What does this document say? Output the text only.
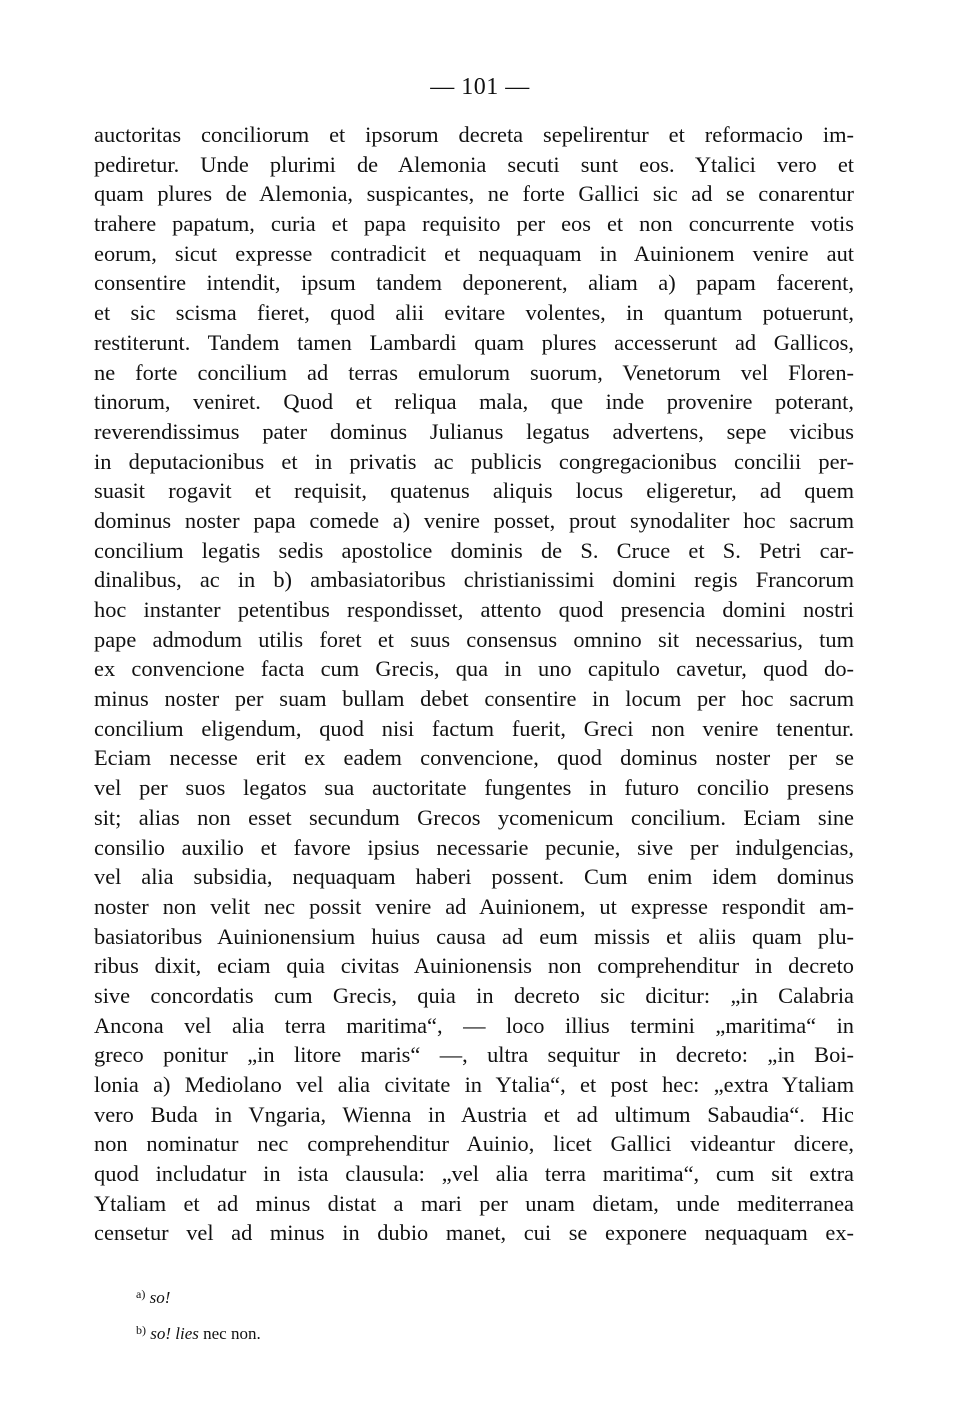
— 101 —
auctoritas conciliorum et ipsorum decreta sepelirentur et reformacio im-
pediretur. Unde plurimi de Alemonia secuti sunt eos. Ytalici vero et
quam plures de Alemonia, suspicantes, ne forte Gallici sic ad se conarentur
trahere papatum, curia et papa requisito per eos et non concurrente votis
eorum, sicut expresse contradicit et nequaquam in Auinionem venire aut
consentire intendit, ipsum tandem deponerent, aliam a) papam facerent,
et sic scisma fieret, quod alii evitare volentes, in quantum potuerunt,
restiterunt. Tandem tamen Lambardi quam plures accesserunt ad Gallicos,
ne forte concilium ad terras emulorum suorum, Venetorum vel Floren-
tinorum, veniret. Quod et reliqua mala, que inde provenire poterant,
reverendissimus pater dominus Julianus legatus advertens, sepe vicibus
in deputacionibus et in privatis ac publicis congregacionibus concilii per-
suasit rogavit et requisit, quatenus aliquis locus eligeretur, ad quem
dominus noster papa comede a) venire posset, prout synodaliter hoc sacrum
concilium legatis sedis apostolice dominis de S. Cruce et S. Petri car-
dinalibus, ac in b) ambasiatoribus christianissimi domini regis Francorum
hoc instanter petentibus respondisset, attento quod presencia domini nostri
pape admodum utilis foret et suus consensus omnino sit necessarius, tum
ex convencione facta cum Grecis, qua in uno capitulo cavetur, quod do-
minus noster per suam bullam debet consentire in locum per hoc sacrum
concilium eligendum, quod nisi factum fuerit, Greci non venire tenentur.
Eciam necesse erit ex eadem convencione, quod dominus noster per se
vel per suos legatos sua auctoritate fungentes in futuro concilio presens
sit; alias non esset secundum Grecos ycomenicum concilium. Eciam sine
consilio auxilio et favore ipsius necessarie pecunie, sive per indulgencias,
vel alia subsidia, nequaquam haberi possent. Cum enim idem dominus
noster non velit nec possit venire ad Auinionem, ut expresse respondit am-
basiatoribus Auinionensium huius causa ad eum missis et aliis quam plu-
ribus dixit, eciam quia civitas Auinionensis non comprehenditur in decreto
sive concordatis cum Grecis, quia in decreto sic dicitur: „in Calabria
Ancona vel alia terra maritima“, — loco illius termini „maritima“ in
greco ponitur „in litore maris“ —, ultra sequitur in decreto: „in Boi-
lonia a) Mediolano vel alia civitate in Ytalia“, et post hec: „extra Ytaliam
vero Buda in Vngaria, Wienna in Austria et ad ultimum Sabaudia“. Hic
non nominatur nec comprehenditur Auinio, licet Gallici videantur dicere,
quod includatur in ista clausula: „vel alia terra maritima“, cum sit extra
Ytaliam et ad minus distat a mari per unam dietam, unde mediterranea
censetur vel ad minus in dubio manet, cui se exponere nequaquam ex-
$^{a)}$ so!
$^{b)}$ so! lies nec non.
